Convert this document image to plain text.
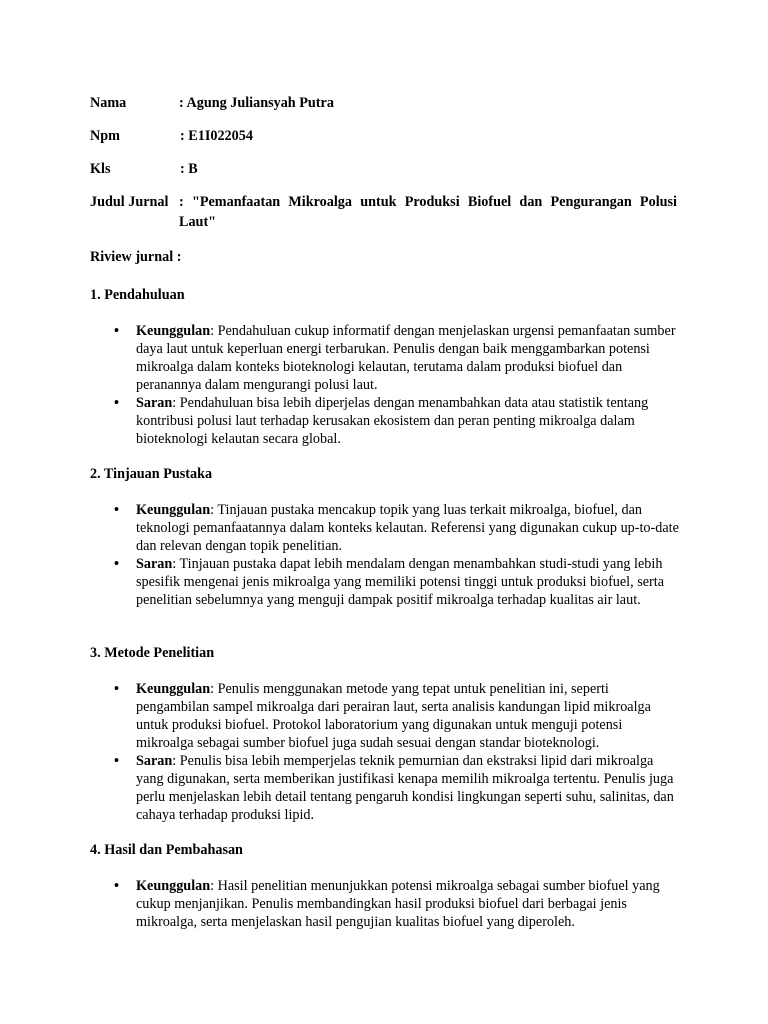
Nama	: Agung Juliansyah Putra
Npm	: E1I022054
Kls	: B
Judul Jurnal : "Pemanfaatan Mikroalga untuk Produksi Biofuel dan Pengurangan Polusi Laut"
Riview jurnal :
1. Pendahuluan
• Keunggulan: Pendahuluan cukup informatif dengan menjelaskan urgensi pemanfaatan sumber daya laut untuk keperluan energi terbarukan. Penulis dengan baik menggambarkan potensi mikroalga dalam konteks bioteknologi kelautan, terutama dalam produksi biofuel dan peranannya dalam mengurangi polusi laut.
• Saran: Pendahuluan bisa lebih diperjelas dengan menambahkan data atau statistik tentang kontribusi polusi laut terhadap kerusakan ekosistem dan peran penting mikroalga dalam bioteknologi kelautan secara global.
2. Tinjauan Pustaka
• Keunggulan: Tinjauan pustaka mencakup topik yang luas terkait mikroalga, biofuel, dan teknologi pemanfaatannya dalam konteks kelautan. Referensi yang digunakan cukup up-to-date dan relevan dengan topik penelitian.
• Saran: Tinjauan pustaka dapat lebih mendalam dengan menambahkan studi-studi yang lebih spesifik mengenai jenis mikroalga yang memiliki potensi tinggi untuk produksi biofuel, serta penelitian sebelumnya yang menguji dampak positif mikroalga terhadap kualitas air laut.
3. Metode Penelitian
• Keunggulan: Penulis menggunakan metode yang tepat untuk penelitian ini, seperti pengambilan sampel mikroalga dari perairan laut, serta analisis kandungan lipid mikroalga untuk produksi biofuel. Protokol laboratorium yang digunakan untuk menguji potensi mikroalga sebagai sumber biofuel juga sudah sesuai dengan standar bioteknologi.
• Saran: Penulis bisa lebih memperjelas teknik pemurnian dan ekstraksi lipid dari mikroalga yang digunakan, serta memberikan justifikasi kenapa memilih mikroalga tertentu. Penulis juga perlu menjelaskan lebih detail tentang pengaruh kondisi lingkungan seperti suhu, salinitas, dan cahaya terhadap produksi lipid.
4. Hasil dan Pembahasan
• Keunggulan: Hasil penelitian menunjukkan potensi mikroalga sebagai sumber biofuel yang cukup menjanjikan. Penulis membandingkan hasil produksi biofuel dari berbagai jenis mikroalga, serta menjelaskan hasil pengujian kualitas biofuel yang diperoleh.
